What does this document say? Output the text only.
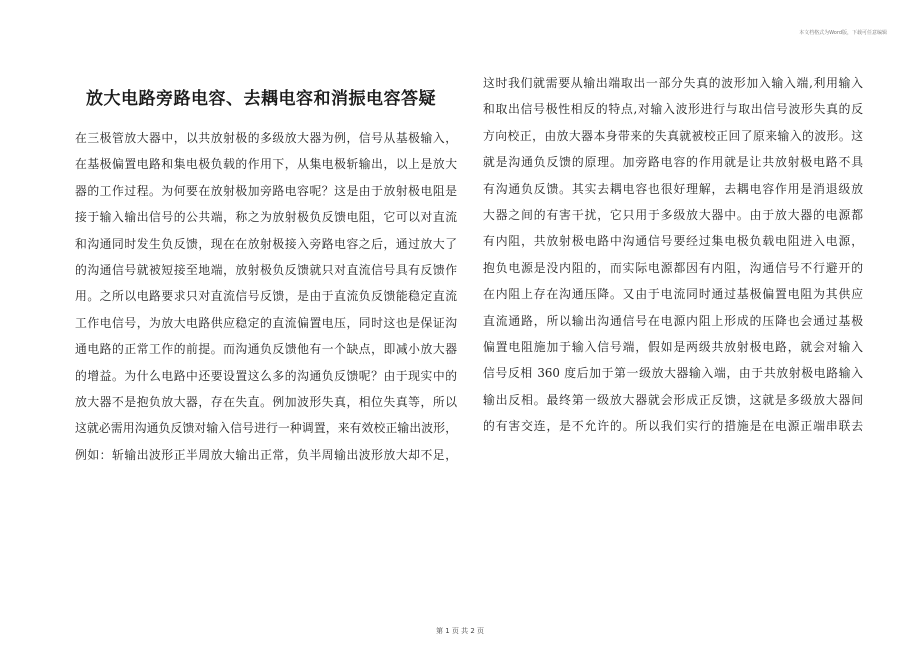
本文档格式为Word版，下载可任意编辑
放大电路旁路电容、去耦电容和消振电容答疑
在三极管放大器中，以共放射极的多级放大器为例，信号从基极输入，
在基极偏置电路和集电极负载的作用下，从集电极斩输出，以上是放大
器的工作过程。为何要在放射极加旁路电容呢？这是由于放射极电阻是
接于输入输出信号的公共端，称之为放射极负反馈电阻，它可以对直流
和沟通同时发生负反馈，现在在放射极接入旁路电容之后，通过放大了
的沟通信号就被短接至地端，放射极负反馈就只对直流信号具有反馈作
用。之所以电路要求只对直流信号反馈，是由于直流负反馈能稳定直流
工作电信号，为放大电路供应稳定的直流偏置电压，同时这也是保证沟
通电路的正常工作的前提。而沟通负反馈他有一个缺点，即减小放大器
的增益。为什么电路中还要设置这么多的沟通负反馈呢？由于现实中的
放大器不是抱负放大器，存在失直。例加波形失真，相位失真等，所以
这就必需用沟通负反馈对输入信号进行一种调置，来有效校正输出波形，
例如：斩输出波形正半周放大输出正常，负半周输出波形放大却不足，
这时我们就需要从输出端取出一部分失真的波形加入输入端,利用输入
和取出信号极性相反的特点,对输入波形进行与取出信号波形失真的反
方向校正，由放大器本身带来的失真就被校正回了原来输入的波形。这
就是沟通负反馈的原理。加旁路电容的作用就是让共放射极电路不具
有沟通负反馈。其实去耦电容也很好理解，去耦电容作用是消退级放
大器之间的有害干扰，它只用于多级放大器中。由于放大器的电源都
有内阻，共放射极电路中沟通信号要经过集电极负载电阻进入电源，
抱负电源是没内阻的，而实际电源都因有内阻，沟通信号不行避开的
在内阻上存在沟通压降。又由于电流同时通过基极偏置电阻为其供应
直流通路，所以输出沟通信号在电源内阻上形成的压降也会通过基极
偏置电阻施加于输入信号端，假如是两级共放射极电路，就会对输入
信号反相 360 度后加于第一级放大器输入端，由于共放射极电路输入
输出反相。最终第一级放大器就会形成正反馈，这就是多级放大器间
的有害交连，是不允许的。所以我们实行的措施是在电源正端串联去
第 1 页 共 2 页
